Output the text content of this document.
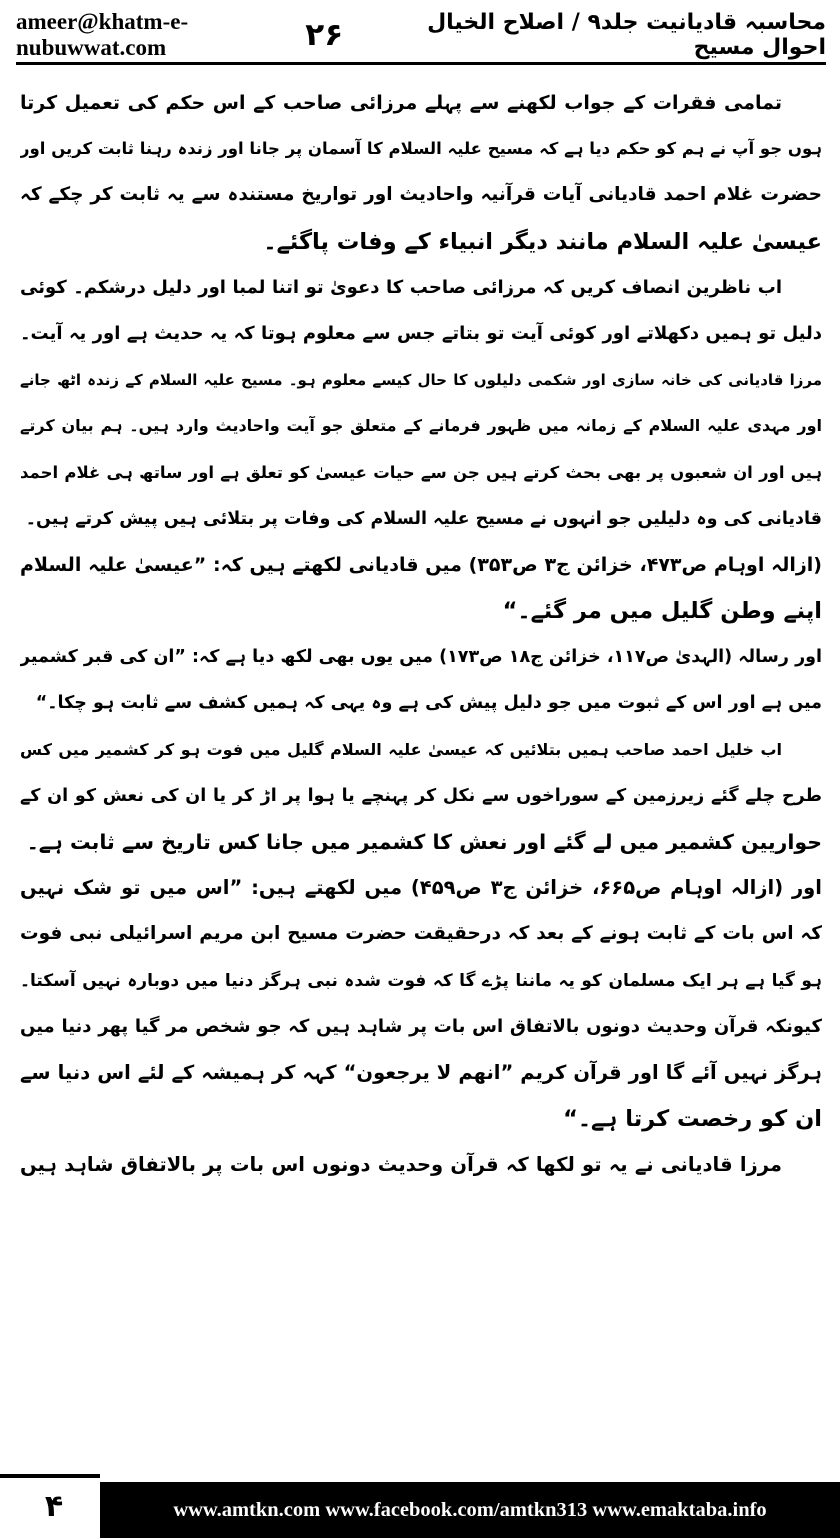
ameer@khatm-e-nubuwwat.com	۲۶	محاسبہ قادیانیت جلد۹ / اصلاح الخیال احوال مسیح
تمامی فقرات کے جواب لکھنے سے پہلے مرزائی صاحب کے اس حکم کی تعمیل کرتا
ہوں جو آپ نے ہم کو حکم دیا ہے کہ مسیح علیہ السلام کا آسمان پر جانا اور زندہ رہنا ثابت کریں اور
حضرت غلام احمد قادیانی آیات قرآنیہ واحادیث اور تواریخ مستندہ سے یہ ثابت کر چکے کہ
عیسیٰ علیہ السلام مانند دیگر انبیاء کے وفات پاگئے۔
اب ناظرین انصاف کریں کہ مرزائی صاحب کا دعویٰ تو اتنا لمبا اور دلیل درشکم۔ کوئی
دلیل تو ہمیں دکھلاتے اور کوئی آیت تو بتاتے جس سے معلوم ہوتا کہ یہ حدیث ہے اور یہ آیت۔
مرزا قادیانی کی خانہ سازی اور شکمی دلیلوں کا حال کیسے معلوم ہو۔ مسیح علیہ السلام کے زندہ اٹھ جانے
اور مہدی علیہ السلام کے زمانہ میں ظہور فرمانے کے متعلق جو آیت واحادیث وارد ہیں۔ ہم بیان کرتے
ہیں اور ان شعبوں پر بھی بحث کرتے ہیں جن سے حیات عیسیٰ کو تعلق ہے اور ساتھ ہی غلام احمد
قادیانی کی وہ دلیلیں جو انہوں نے مسیح علیہ السلام کی وفات پر بتلائی ہیں پیش کرتے ہیں۔
(ازالہ اوہام ص۴۷۳، خزائن ج۳ ص۳۵۳) میں قادیانی لکھتے ہیں کہ: ”عیسیٰ علیہ السلام
اپنے وطن گلیل میں مر گئے۔“
اور رسالہ (الہدیٰ ص۱۱۷، خزائن ج۱۸ ص۱۷۳) میں یوں بھی لکھ دیا ہے کہ: ”ان کی قبر کشمیر
میں ہے اور اس کے ثبوت میں جو دلیل پیش کی ہے وہ یہی کہ ہمیں کشف سے ثابت ہو چکا۔“
اب خلیل احمد صاحب ہمیں بتلائیں کہ عیسیٰ علیہ السلام گلیل میں فوت ہو کر کشمیر میں کس
طرح چلے گئے زیرزمین کے سوراخوں سے نکل کر پہنچے یا ہوا پر اڑ کر یا ان کی نعش کو ان کے
حواریین کشمیر میں لے گئے اور نعش کا کشمیر میں جانا کس تاریخ سے ثابت ہے۔
اور (ازالہ اوہام ص۶۶۵، خزائن ج۳ ص۴۵۹) میں لکھتے ہیں: ”اس میں تو شک نہیں
کہ اس بات کے ثابت ہونے کے بعد کہ درحقیقت حضرت مسیح ابن مریم اسرائیلی نبی فوت
ہو گیا ہے ہر ایک مسلمان کو یہ ماننا پڑے گا کہ فوت شدہ نبی ہرگز دنیا میں دوبارہ نہیں آسکتا۔
کیونکہ قرآن وحدیث دونوں بالاتفاق اس بات پر شاہد ہیں کہ جو شخص مر گیا پھر دنیا میں
ہرگز نہیں آئے گا اور قرآن کریم ”انھم لا یرجعون“ کہہ کر ہمیشہ کے لئے اس دنیا سے
ان کو رخصت کرتا ہے۔“
مرزا قادیانی نے یہ تو لکھا کہ قرآن وحدیث دونوں اس بات پر بالاتفاق شاہد ہیں
۴	www.amtkn.com www.facebook.com/amtkn313 www.emaktaba.info
